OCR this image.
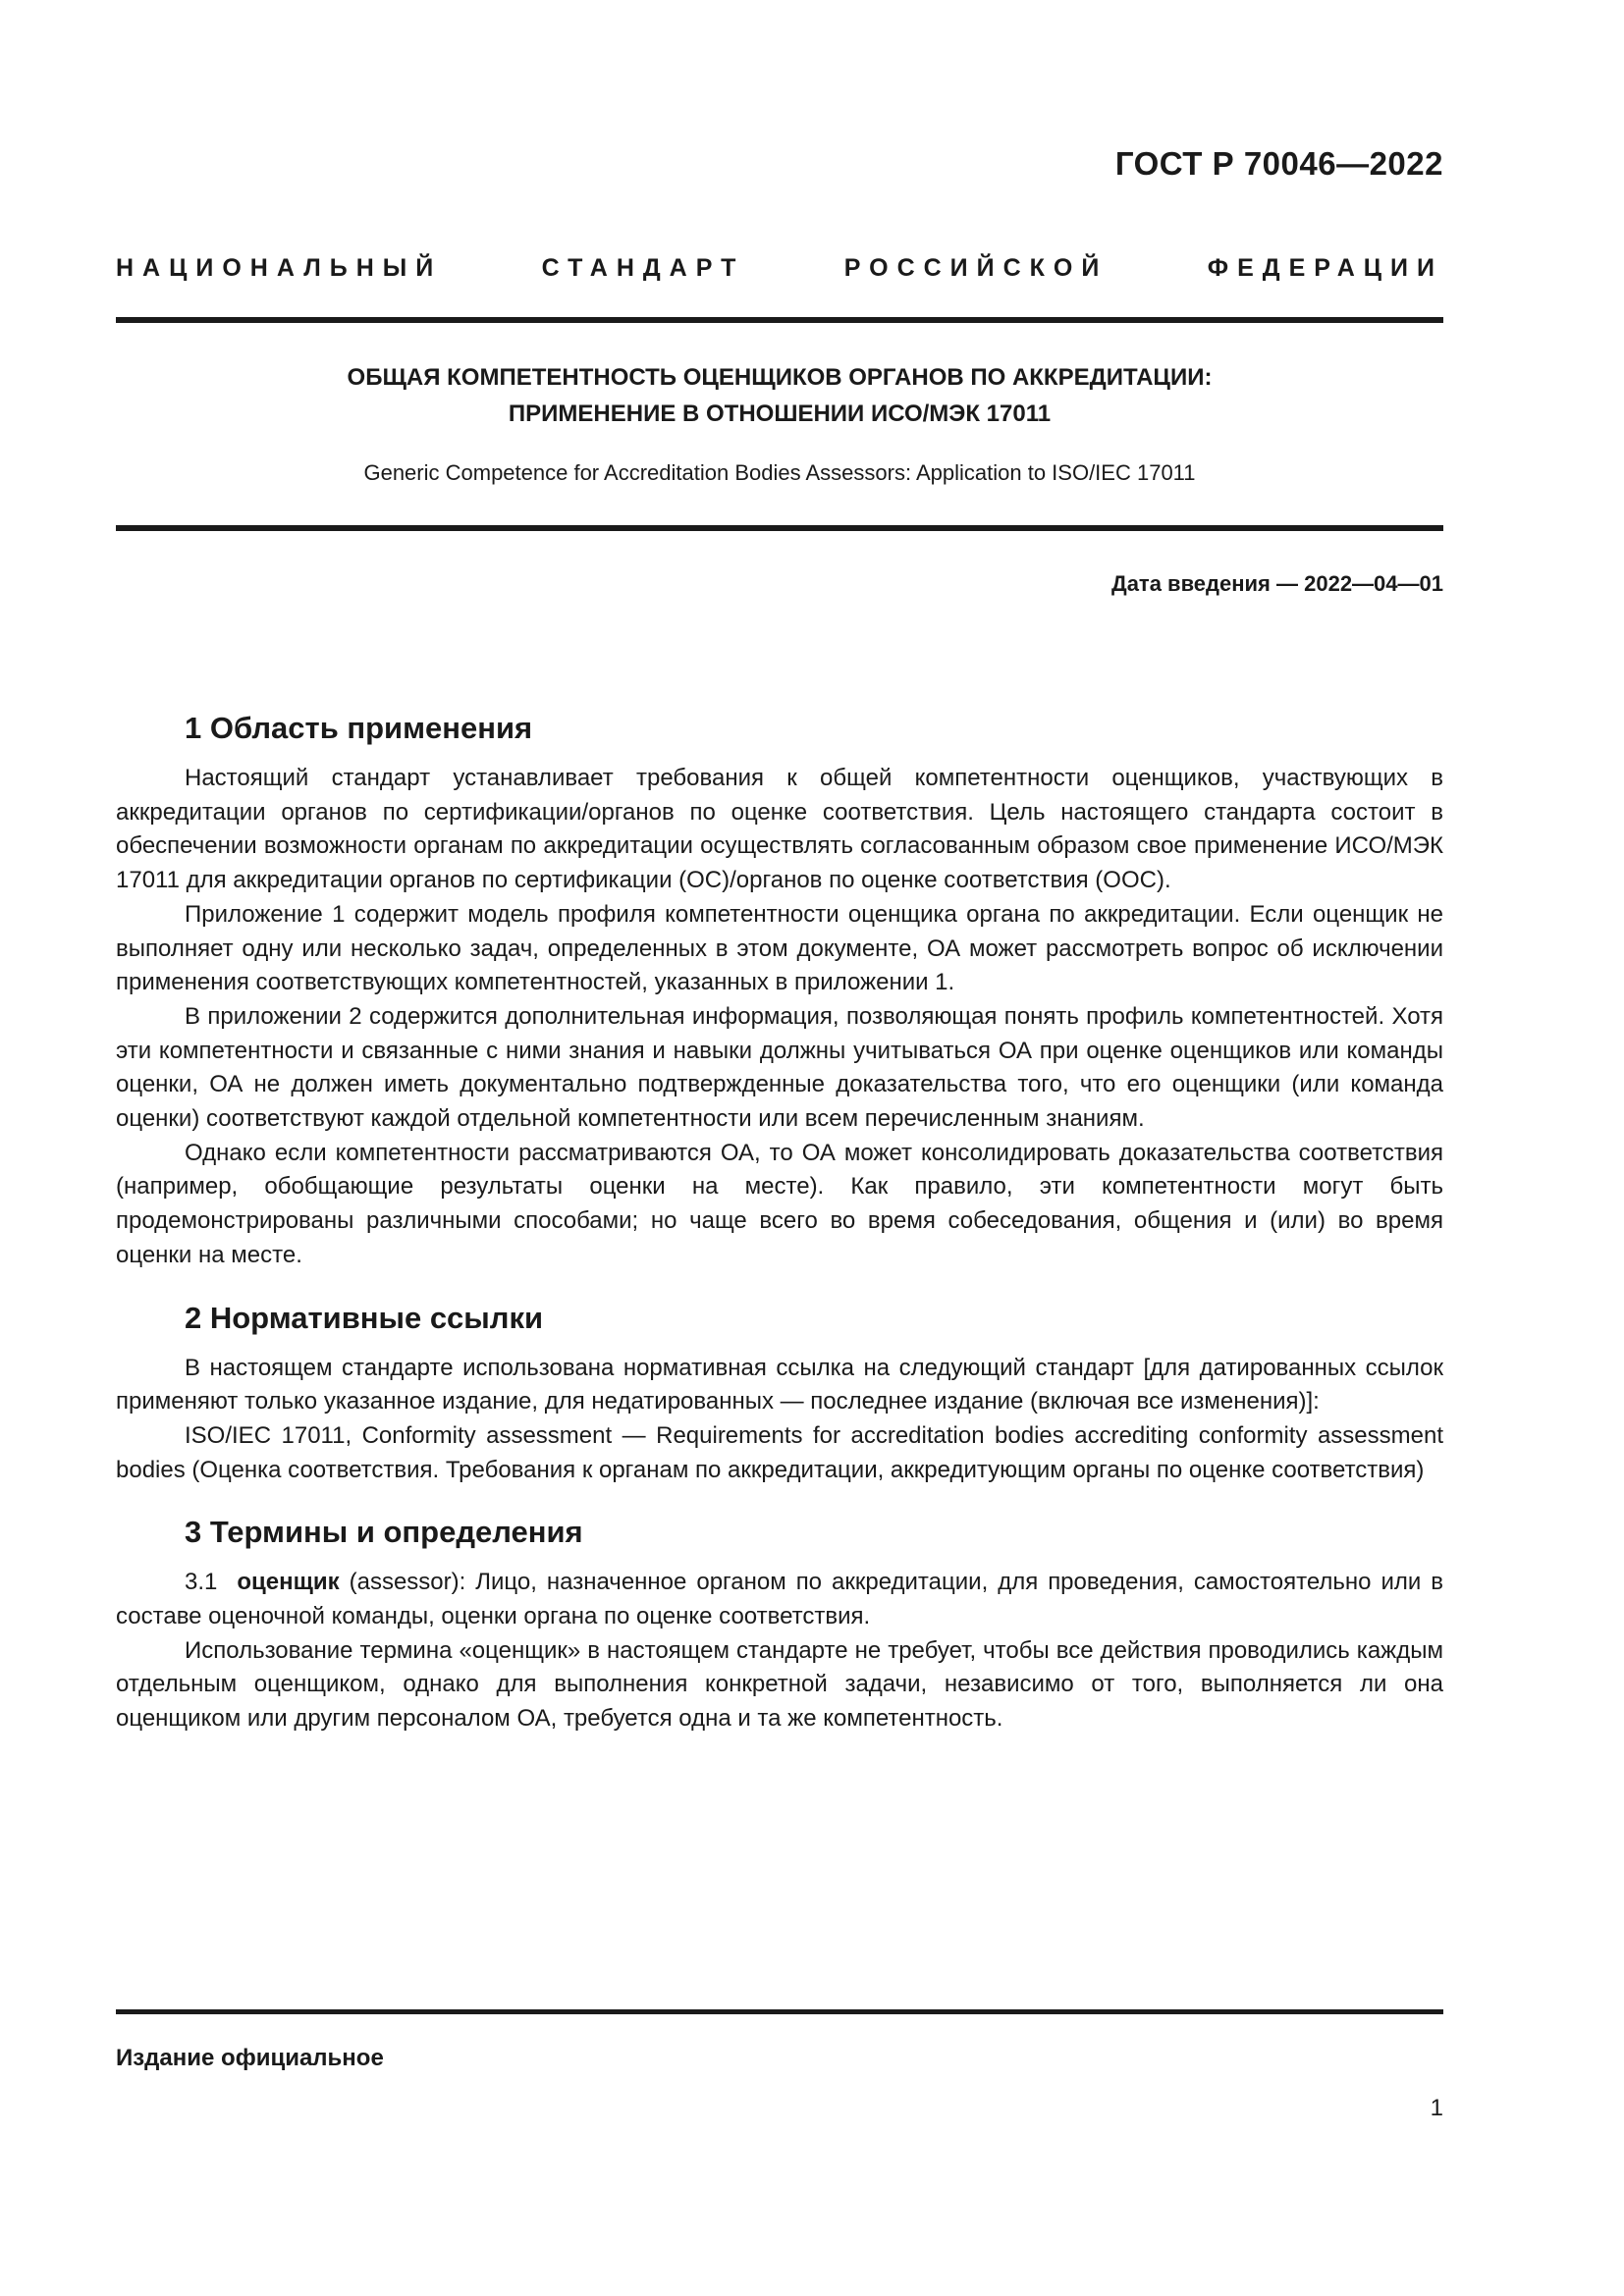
ГОСТ Р 70046—2022
НАЦИОНАЛЬНЫЙ СТАНДАРТ РОССИЙСКОЙ ФЕДЕРАЦИИ
ОБЩАЯ КОМПЕТЕНТНОСТЬ ОЦЕНЩИКОВ ОРГАНОВ ПО АККРЕДИТАЦИИ:
ПРИМЕНЕНИЕ В ОТНОШЕНИИ ИСО/МЭК 17011
Generic Competence for Accreditation Bodies Assessors: Application to ISO/IEC 17011
Дата введения — 2022—04—01
1 Область применения

Настоящий стандарт устанавливает требования к общей компетентности оценщиков, участвующих в аккредитации органов по сертификации/органов по оценке соответствия. Цель настоящего стандарта состоит в обеспечении возможности органам по аккредитации осуществлять согласованным образом свое применение ИСО/МЭК 17011 для аккредитации органов по сертификации (ОС)/органов по оценке соответствия (ООС).

Приложение 1 содержит модель профиля компетентности оценщика органа по аккредитации. Если оценщик не выполняет одну или несколько задач, определенных в этом документе, ОА может рассмотреть вопрос об исключении применения соответствующих компетентностей, указанных в приложении 1.

В приложении 2 содержится дополнительная информация, позволяющая понять профиль компетентностей. Хотя эти компетентности и связанные с ними знания и навыки должны учитываться ОА при оценке оценщиков или команды оценки, ОА не должен иметь документально подтвержденные доказательства того, что его оценщики (или команда оценки) соответствуют каждой отдельной компетентности или всем перечисленным знаниям.

Однако если компетентности рассматриваются ОА, то ОА может консолидировать доказательства соответствия (например, обобщающие результаты оценки на месте). Как правило, эти компетентности могут быть продемонстрированы различными способами; но чаще всего во время собеседования, общения и (или) во время оценки на месте.

2 Нормативные ссылки

В настоящем стандарте использована нормативная ссылка на следующий стандарт [для датированных ссылок применяют только указанное издание, для недатированных — последнее издание (включая все изменения)]:

ISO/IEC 17011, Conformity assessment — Requirements for accreditation bodies accrediting conformity assessment bodies (Оценка соответствия. Требования к органам по аккредитации, аккредитующим органы по оценке соответствия)

3 Термины и определения

3.1 оценщик (assessor): Лицо, назначенное органом по аккредитации, для проведения, самостоятельно или в составе оценочной команды, оценки органа по оценке соответствия.

Использование термина «оценщик» в настоящем стандарте не требует, чтобы все действия проводились каждым отдельным оценщиком, однако для выполнения конкретной задачи, независимо от того, выполняется ли она оценщиком или другим персоналом ОА, требуется одна и та же компетентность.

Издание официальное
1
